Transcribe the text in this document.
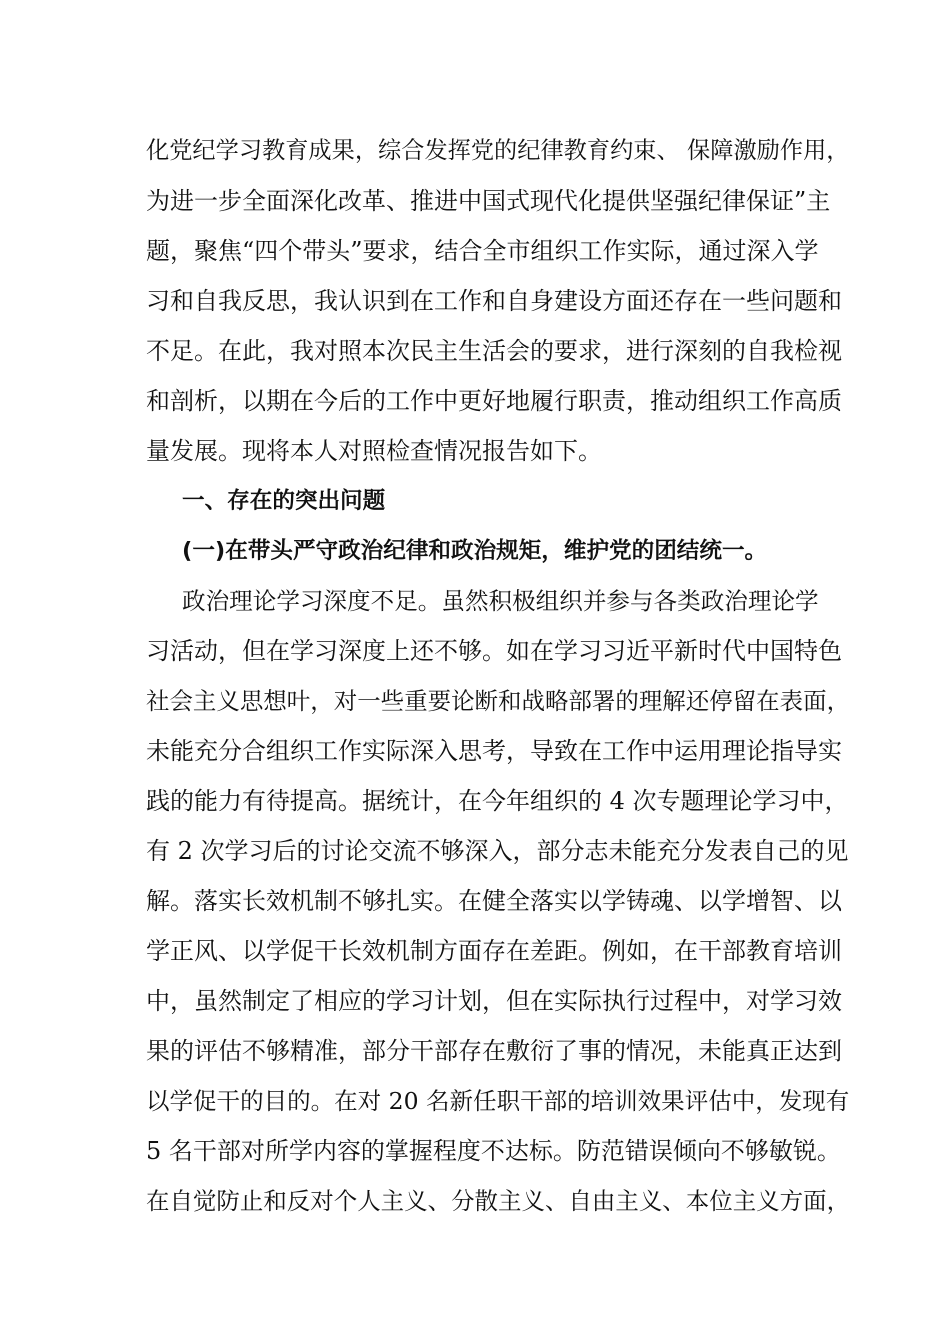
化党纪学习教育成果，综合发挥党的纪律教育约束、 保障激励作用，
为进一步全面深化改革、推进中国式现代化提供坚强纪律保证”主
题，聚焦“四个带头”要求，结合全市组织工作实际，通过深入学
习和自我反思，我认识到在工作和自身建设方面还存在一些问题和
不足。在此，我对照本次民主生活会的要求，进行深刻的自我检视
和剖析，以期在今后的工作中更好地履行职责，推动组织工作高质
量发展。现将本人对照检查情况报告如下。
一、存在的突出问题
(一)在带头严守政治纪律和政治规矩，维护党的团结统一。
政治理论学习深度不足。虽然积极组织并参与各类政治理论学
习活动，但在学习深度上还不够。如在学习习近平新时代中国特色
社会主义思想叶，对一些重要论断和战略部署的理解还停留在表面，
未能充分合组织工作实际深入思考，导致在工作中运用理论指导实
践的能力有待提高。据统计，在今年组织的 4 次专题理论学习中，
有 2 次学习后的讨论交流不够深入，部分志未能充分发表自己的见
解。落实长效机制不够扎实。在健全落实以学铸魂、以学增智、以
学正风、以学促干长效机制方面存在差距。例如，在干部教育培训
中，虽然制定了相应的学习计划，但在实际执行过程中，对学习效
果的评估不够精准，部分干部存在敷衍了事的情况，未能真正达到
以学促干的目的。在对 20 名新任职干部的培训效果评估中，发现有
5 名干部对所学内容的掌握程度不达标。防范错误倾向不够敏锐。
在自觉防止和反对个人主义、分散主义、自由主义、本位主义方面，
